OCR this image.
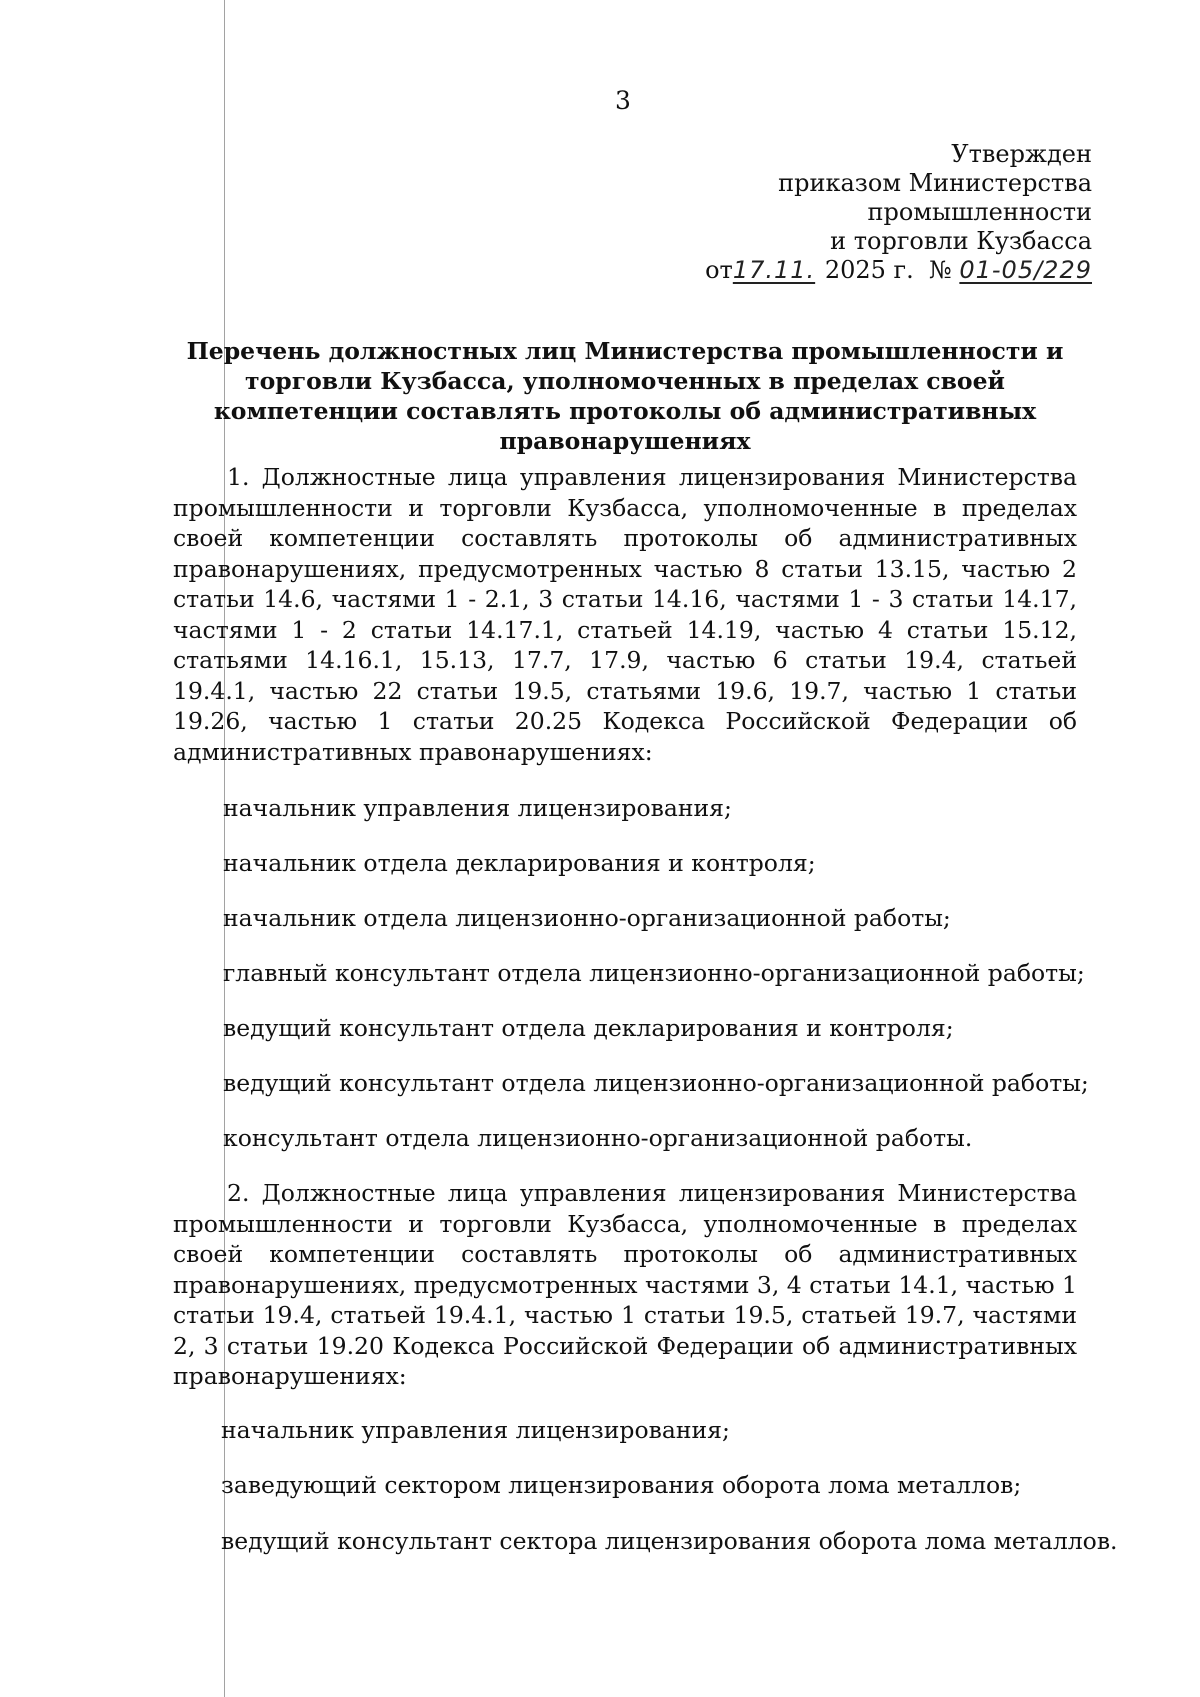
3
Утвержден
приказом Министерства
промышленности
и торговли Кузбасса
от17.11. 2025 г. № 01-05/229
Перечень должностных лиц Министерства промышленности и торговли Кузбасса, уполномоченных в пределах своей компетенции составлять протоколы об административных правонарушениях

1. Должностные лица управления лицензирования Министерства промышленности и торговли Кузбасса, уполномоченные в пределах своей компетенции составлять протоколы об административных правонарушениях, предусмотренных частью 8 статьи 13.15, частью 2 статьи 14.6, частями 1 - 2.1, 3 статьи 14.16, частями 1 - 3 статьи 14.17, частями 1 - 2 статьи 14.17.1, статьей 14.19, частью 4 статьи 15.12, статьями 14.16.1, 15.13, 17.7, 17.9, частью 6 статьи 19.4, статьей 19.4.1, частью 22 статьи 19.5, статьями 19.6, 19.7, частью 1 статьи 19.26, частью 1 статьи 20.25 Кодекса Российской Федерации об административных правонарушениях:

начальник управления лицензирования;
начальник отдела декларирования и контроля;
начальник отдела лицензионно-организационной работы;
главный консультант отдела лицензионно-организационной работы;
ведущий консультант отдела декларирования и контроля;
ведущий консультант отдела лицензионно-организационной работы;
консультант отдела лицензионно-организационной работы.

2. Должностные лица управления лицензирования Министерства промышленности и торговли Кузбасса, уполномоченные в пределах своей компетенции составлять протоколы об административных правонарушениях, предусмотренных частями 3, 4 статьи 14.1, частью 1 статьи 19.4, статьей 19.4.1, частью 1 статьи 19.5, статьей 19.7, частями 2, 3 статьи 19.20 Кодекса Российской Федерации об административных правонарушениях:

начальник управления лицензирования;
заведующий сектором лицензирования оборота лома металлов;
ведущий консультант сектора лицензирования оборота лома металлов.
